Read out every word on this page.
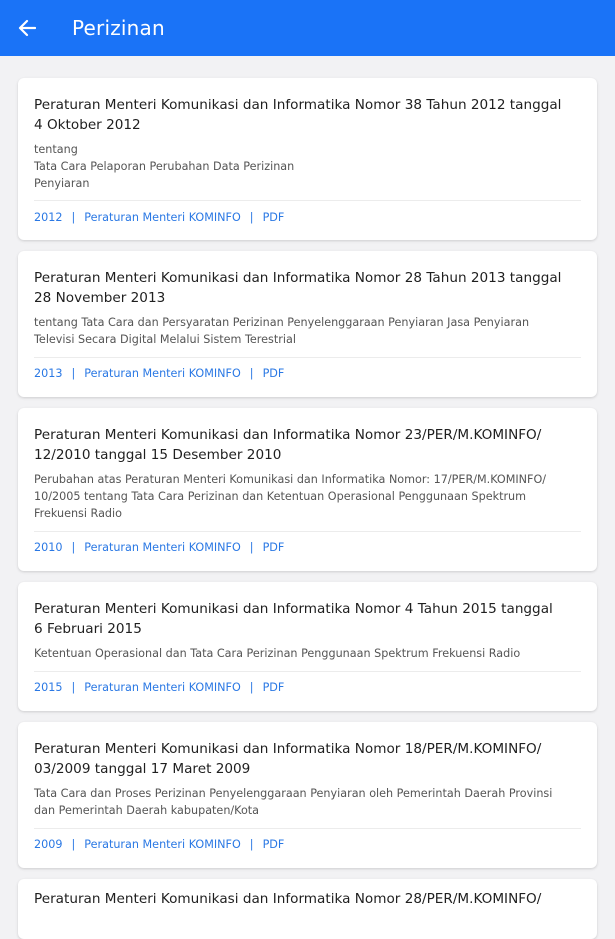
Perizinan
Peraturan Menteri Komunikasi dan Informatika Nomor 38 Tahun 2012 tanggal
4 Oktober 2012
tentang
Tata Cara Pelaporan Perubahan Data Perizinan
Penyiaran
2012 | Peraturan Menteri KOMINFO | PDF
Peraturan Menteri Komunikasi dan Informatika Nomor 28 Tahun 2013 tanggal
28 November 2013
tentang Tata Cara dan Persyaratan Perizinan Penyelenggaraan Penyiaran Jasa Penyiaran
Televisi Secara Digital Melalui Sistem Terestrial
2013 | Peraturan Menteri KOMINFO | PDF
Peraturan Menteri Komunikasi dan Informatika Nomor 23/PER/M.KOMINFO/
12/2010 tanggal 15 Desember 2010
Perubahan atas Peraturan Menteri Komunikasi dan Informatika Nomor: 17/PER/M.KOMINFO/
10/2005 tentang Tata Cara Perizinan dan Ketentuan Operasional Penggunaan Spektrum
Frekuensi Radio
2010 | Peraturan Menteri KOMINFO | PDF
Peraturan Menteri Komunikasi dan Informatika Nomor 4 Tahun 2015 tanggal
6 Februari 2015
Ketentuan Operasional dan Tata Cara Perizinan Penggunaan Spektrum Frekuensi Radio
2015 | Peraturan Menteri KOMINFO | PDF
Peraturan Menteri Komunikasi dan Informatika Nomor 18/PER/M.KOMINFO/
03/2009 tanggal 17 Maret 2009
Tata Cara dan Proses Perizinan Penyelenggaraan Penyiaran oleh Pemerintah Daerah Provinsi
dan Pemerintah Daerah kabupaten/Kota
2009 | Peraturan Menteri KOMINFO | PDF
Peraturan Menteri Komunikasi dan Informatika Nomor 28/PER/M.KOMINFO/
